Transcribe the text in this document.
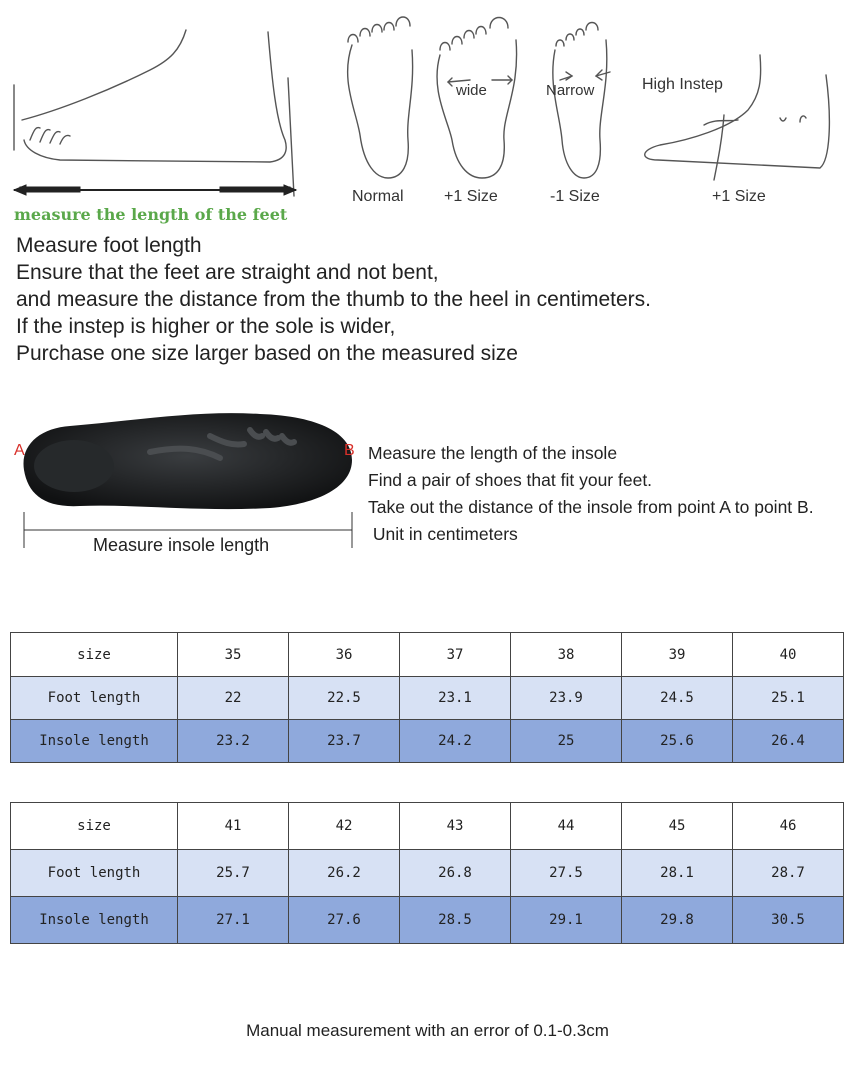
measure the length of the feet
wide	Narrow	High Instep
Normal	+1 Size	-1 Size	+1 Size
Measure foot length
Ensure that the feet are straight and not bent,
and measure the distance from the thumb to the heel in centimeters.
If the instep is higher or the sole is wider,
Purchase one size larger based on the measured size
A	B
Measure insole length
Measure the length of the insole
Find a pair of shoes that fit your feet.
Take out the distance of the insole from point A to point B.
Unit in centimeters
size	35	36	37	38	39	40
Foot length	22	22.5	23.1	23.9	24.5	25.1
Insole length	23.2	23.7	24.2	25	25.6	26.4
size	41	42	43	44	45	46
Foot length	25.7	26.2	26.8	27.5	28.1	28.7
Insole length	27.1	27.6	28.5	29.1	29.8	30.5
Manual measurement with an error of 0.1-0.3cm
